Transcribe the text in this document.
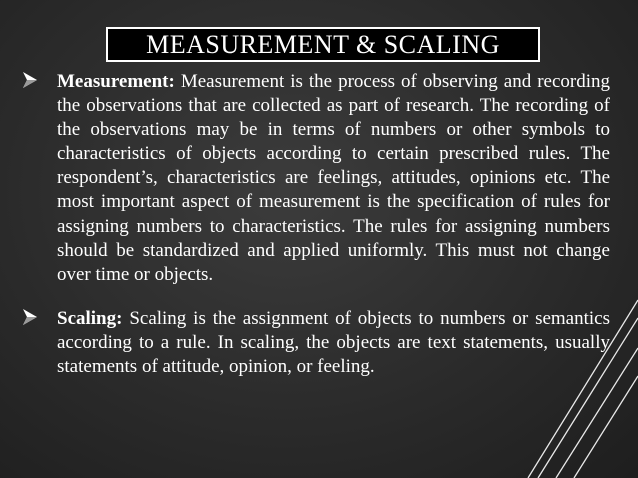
MEASUREMENT & SCALING
Measurement: Measurement is the process of observing and recording the observations that are collected as part of research. The recording of the observations may be in terms of numbers or other symbols to characteristics of objects according to certain prescribed rules. The respondent’s, characteristics are feelings, attitudes, opinions etc. The most important aspect of measurement is the specification of rules for assigning numbers to characteristics. The rules for assigning numbers should be standardized and applied uniformly. This must not change over time or objects.
Scaling: Scaling is the assignment of objects to numbers or semantics according to a rule. In scaling, the objects are text statements, usually statements of attitude, opinion, or feeling.
